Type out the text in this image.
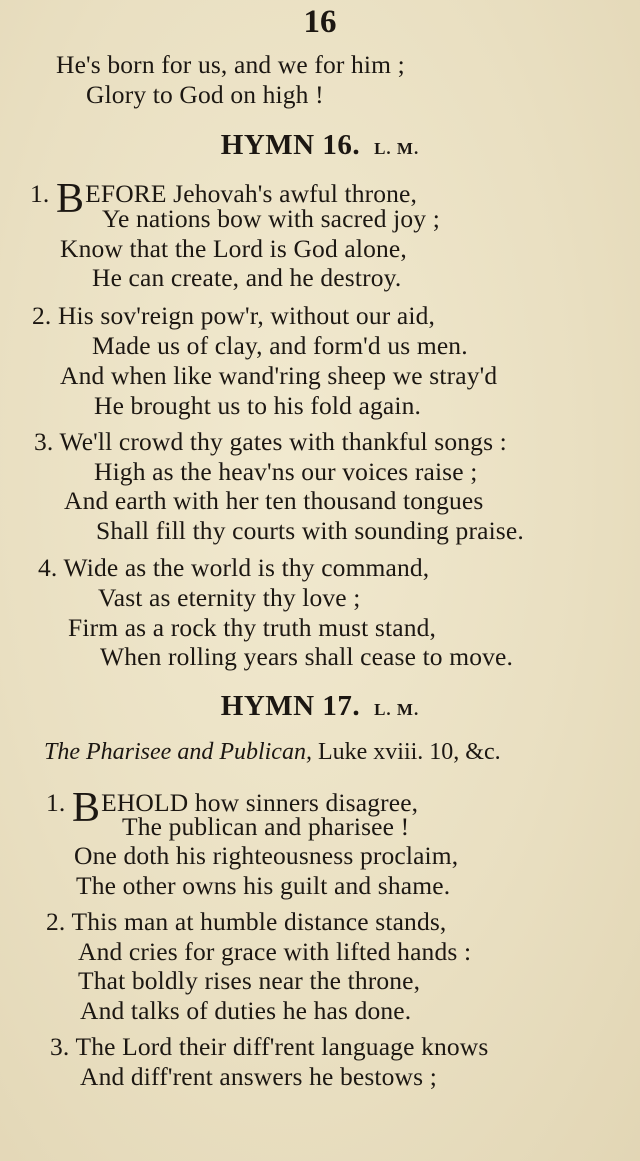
16
He's born for us, and we for him ;
Glory to God on high !
HYMN 16. L. M.
1. BEFORE Jehovah's awful throne,
Ye nations bow with sacred joy ;
Know that the Lord is God alone,
He can create, and he destroy.
2. His sov'reign pow'r, without our aid,
Made us of clay, and form'd us men.
And when like wand'ring sheep we stray'd
He brought us to his fold again.
3. We'll crowd thy gates with thankful songs :
High as the heav'ns our voices raise ;
And earth with her ten thousand tongues
Shall fill thy courts with sounding praise.
4. Wide as the world is thy command,
Vast as eternity thy love ;
Firm as a rock thy truth must stand,
When rolling years shall cease to move.
HYMN 17. L. M.
The Pharisee and Publican, Luke xviii. 10, &c.
1. BEHOLD how sinners disagree,
The publican and pharisee !
One doth his righteousness proclaim,
The other owns his guilt and shame.
2. This man at humble distance stands,
And cries for grace with lifted hands :
That boldly rises near the throne,
And talks of duties he has done.
3. The Lord their diff'rent language knows
And diff'rent answers he bestows ;
